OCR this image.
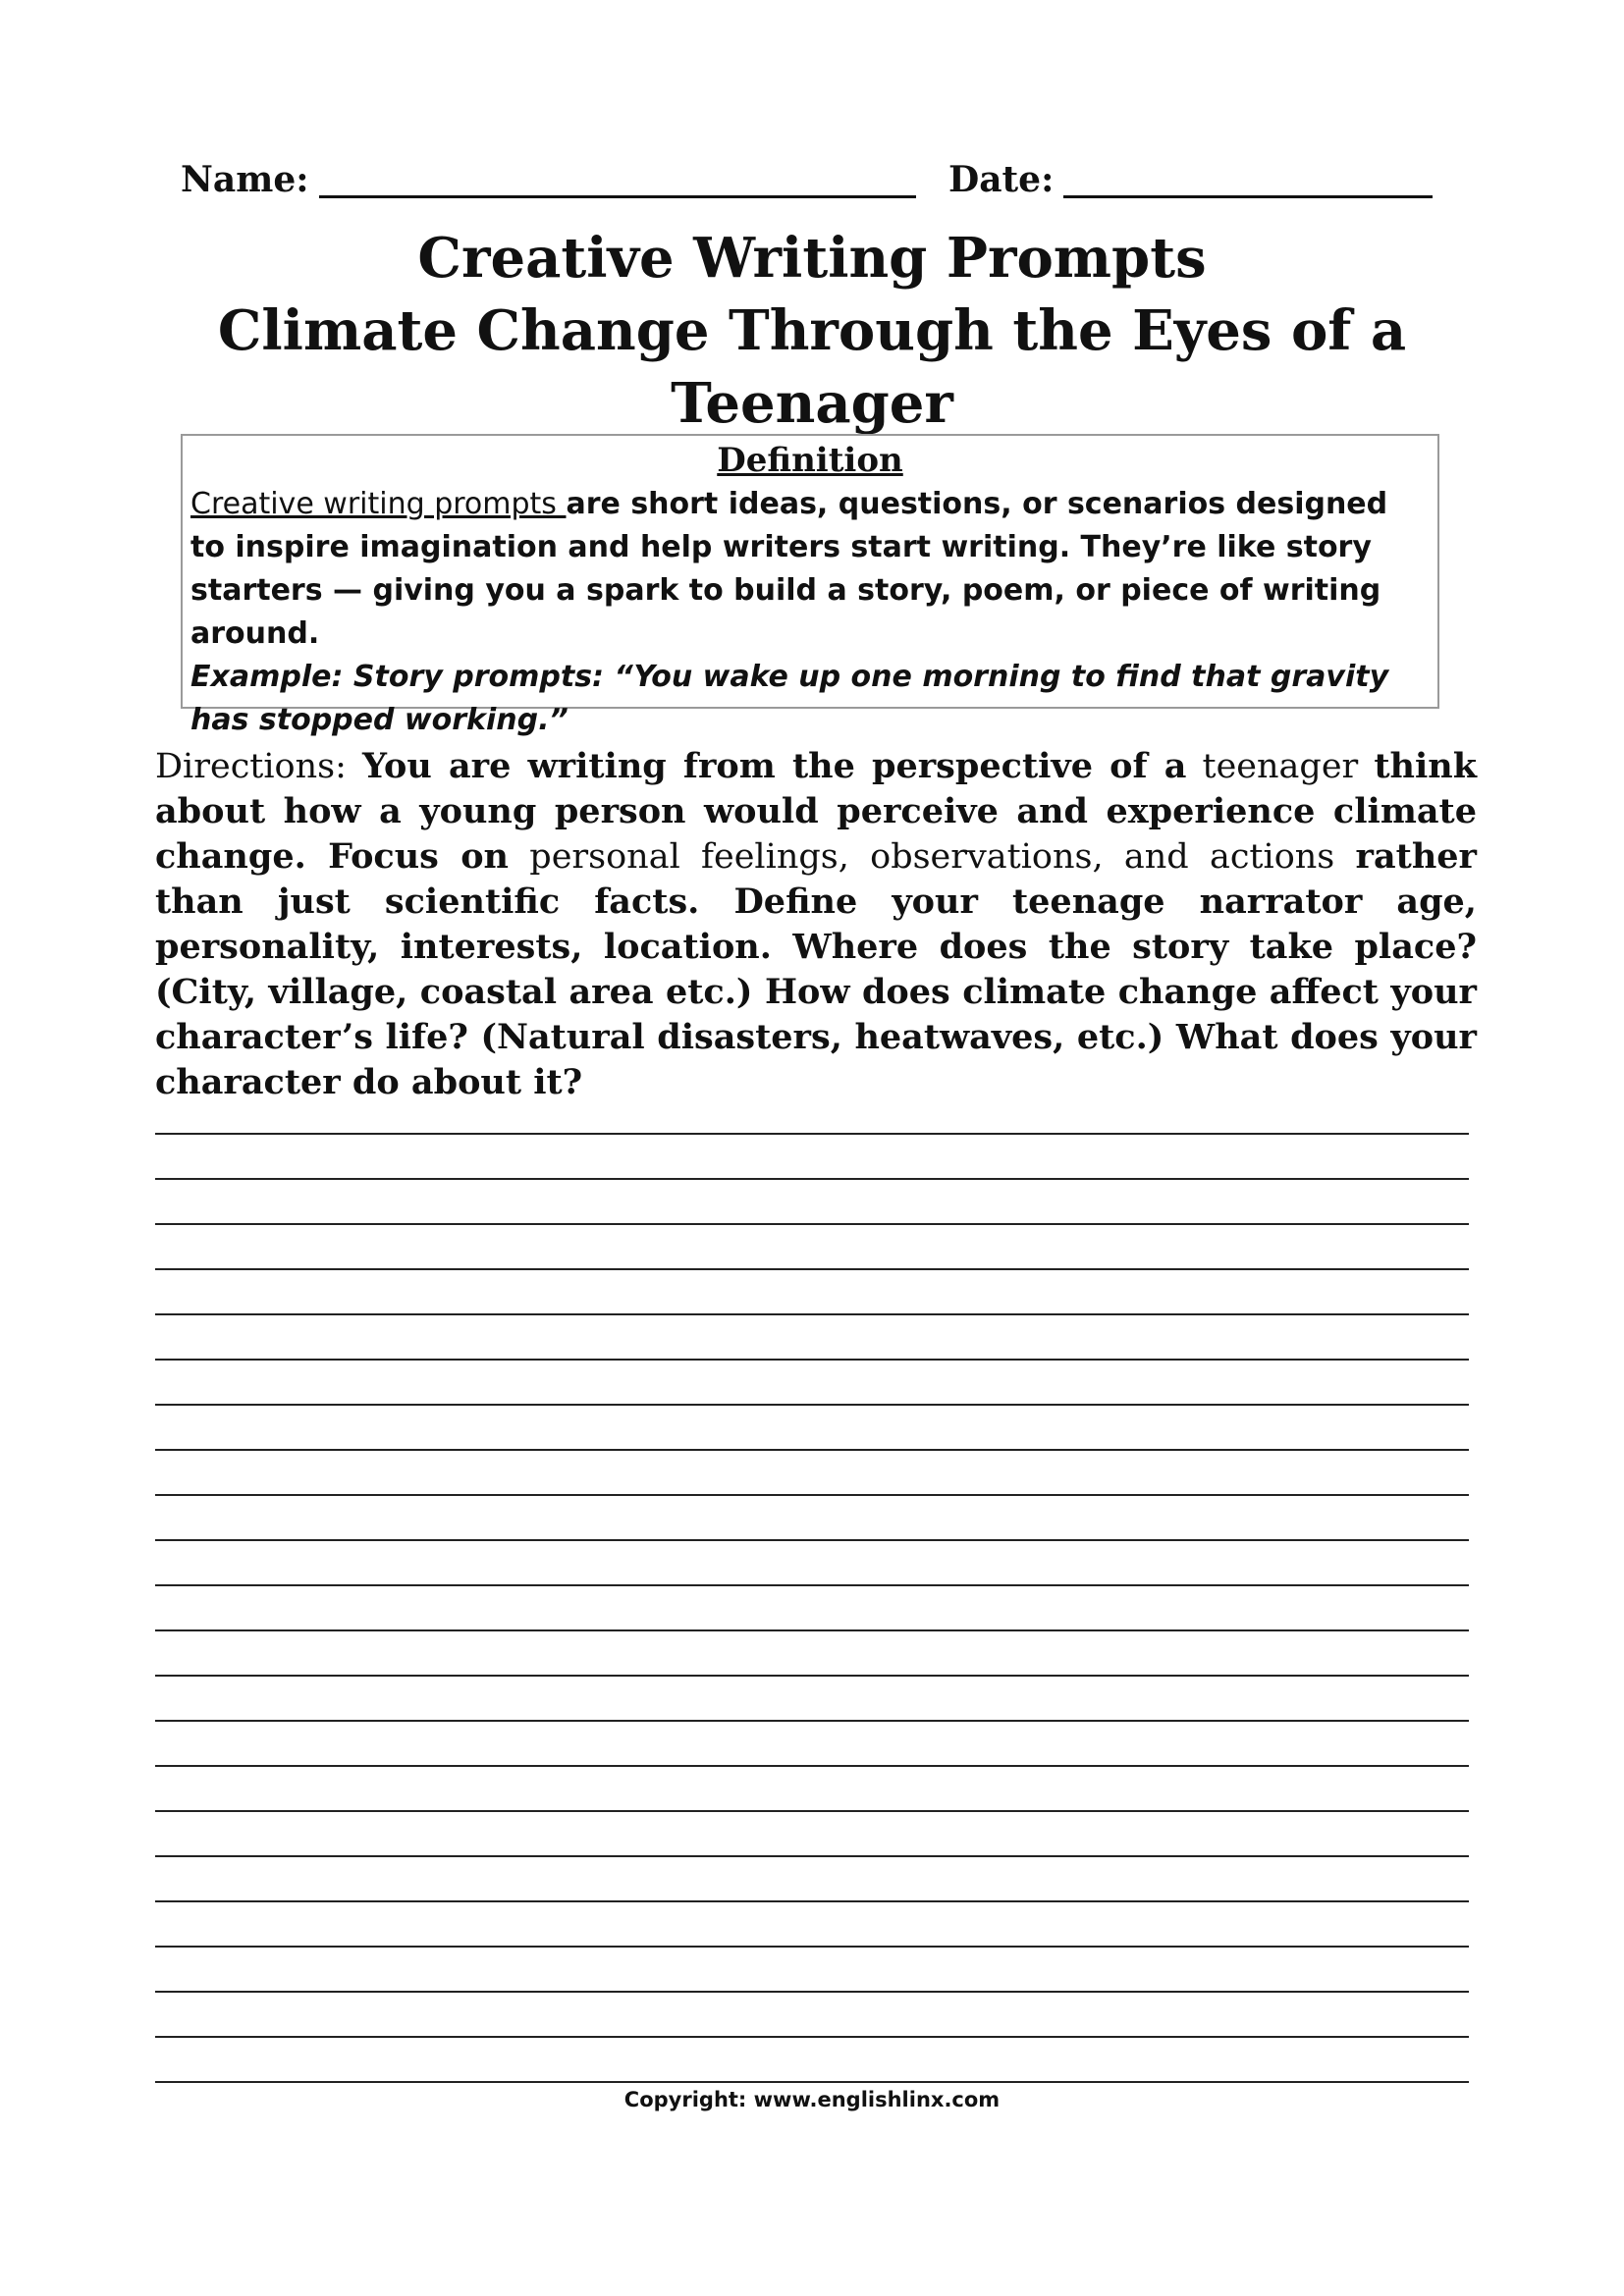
Name:	Date:
Creative Writing Prompts
Climate Change Through the Eyes of a
Teenager
Definition
Creative writing prompts are short ideas, questions, or scenarios designed to inspire imagination and help writers start writing. They’re like story starters — giving you a spark to build a story, poem, or piece of writing around.
Example: Story prompts: “You wake up one morning to find that gravity has stopped working.”
Directions: You are writing from the perspective of a teenager think about how a young person would perceive and experience climate change. Focus on personal feelings, observations, and actions rather than just scientific facts. Define your teenage narrator age, personality, interests, location. Where does the story take place? (City, village, coastal area etc.) How does climate change affect your character’s life? (Natural disasters, heatwaves, etc.) What does your character do about it?
Copyright: www.englishlinx.com
